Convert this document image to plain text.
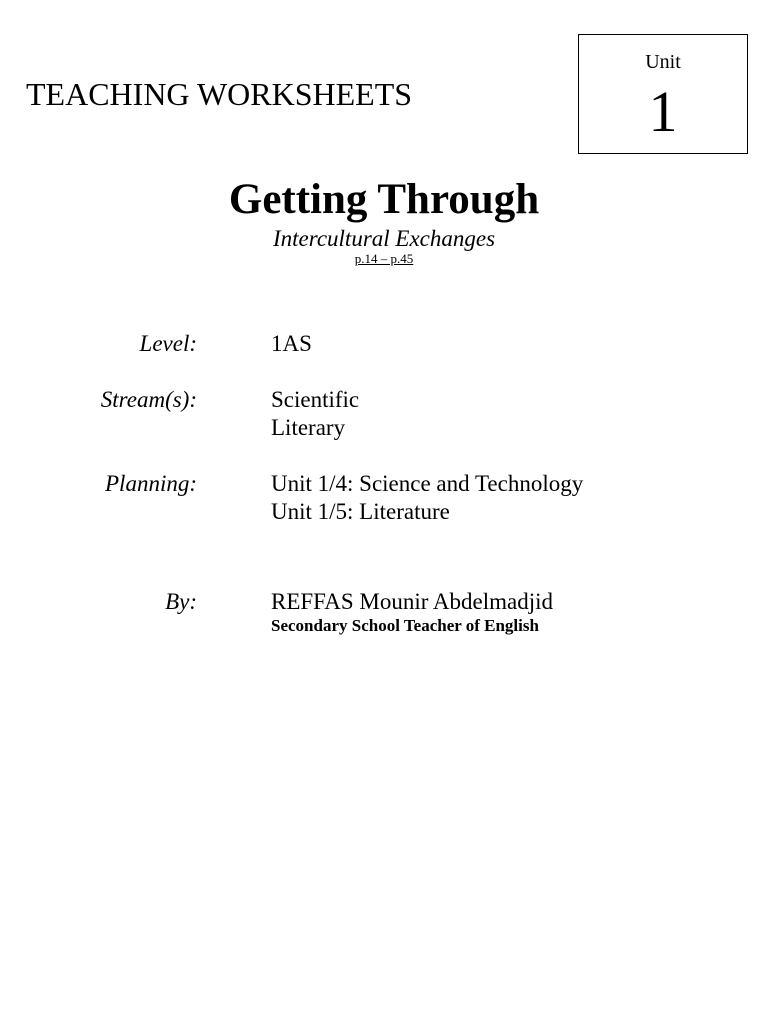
TEACHING WORKSHEETS
Unit
1
Getting Through
Intercultural Exchanges
p.14 – p.45
Level:	1AS
Stream(s):	Scientific
Literary
Planning:	Unit 1/4: Science and Technology
Unit 1/5: Literature
By:	REFFAS Mounir Abdelmadjid
Secondary School Teacher of English
